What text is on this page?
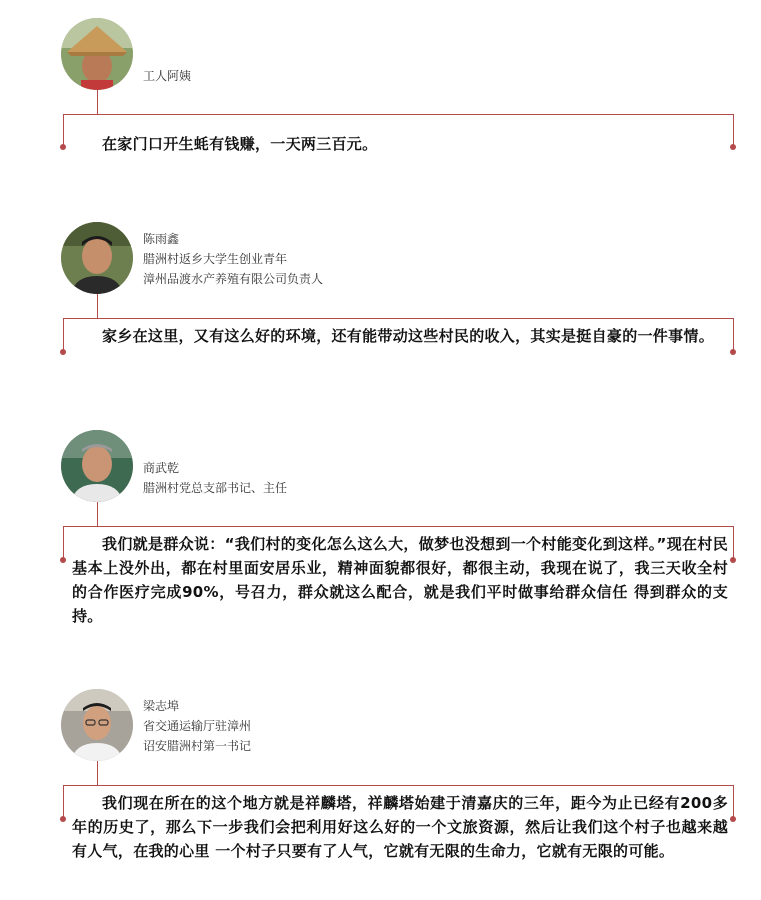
工人阿姨
在家门口开生蚝有钱赚，一天两三百元。
陈雨鑫
腊洲村返乡大学生创业青年
漳州品渡水产养殖有限公司负责人
家乡在这里，又有这么好的环境，还有能带动这些村民的收入，其实是挺自豪的一件事情。
商武乾
腊洲村党总支部书记、主任
我们就是群众说：“我们村的变化怎么这么大，做梦也没想到一个村能变化到这样。”现在村民基本上没外出，都在村里面安居乐业，精神面貌都很好，都很主动，我现在说了，我三天收全村的合作医疗完成90%，号召力，群众就这么配合，就是我们平时做事给群众信任 得到群众的支持。
梁志埠
省交通运输厅驻漳州
诏安腊洲村第一书记
我们现在所在的这个地方就是祥麟塔，祥麟塔始建于清嘉庆的三年，距今为止已经有200多年的历史了，那么下一步我们会把利用好这么好的一个文旅资源，然后让我们这个村子也越来越有人气，在我的心里 一个村子只要有了人气，它就有无限的生命力，它就有无限的可能。
